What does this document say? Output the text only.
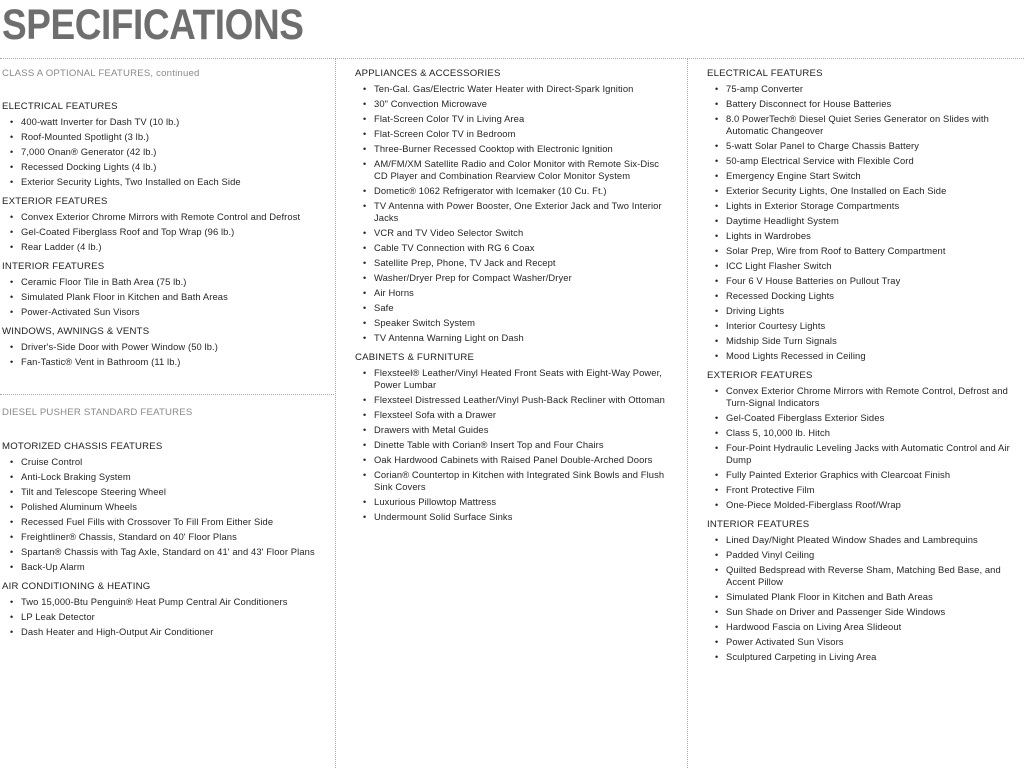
SPECIFICATIONS
CLASS A OPTIONAL FEATURES, continued
ELECTRICAL FEATURES
• 400-watt Inverter for Dash TV (10 lb.)
• Roof-Mounted Spotlight (3 lb.)
• 7,000 Onan® Generator (42 lb.)
• Recessed Docking Lights (4 lb.)
• Exterior Security Lights, Two Installed on Each Side
EXTERIOR FEATURES
• Convex Exterior Chrome Mirrors with Remote Control and Defrost
• Gel-Coated Fiberglass Roof and Top Wrap (96 lb.)
• Rear Ladder (4 lb.)
INTERIOR FEATURES
• Ceramic Floor Tile in Bath Area (75 lb.)
• Simulated Plank Floor in Kitchen and Bath Areas
• Power-Activated Sun Visors
WINDOWS, AWNINGS & VENTS
• Driver's-Side Door with Power Window (50 lb.)
• Fan-Tastic® Vent in Bathroom (11 lb.)
DIESEL PUSHER STANDARD FEATURES
MOTORIZED CHASSIS FEATURES
• Cruise Control
• Anti-Lock Braking System
• Tilt and Telescope Steering Wheel
• Polished Aluminum Wheels
• Recessed Fuel Fills with Crossover To Fill From Either Side
• Freightliner® Chassis, Standard on 40' Floor Plans
• Spartan® Chassis with Tag Axle, Standard on 41' and 43' Floor Plans
• Back-Up Alarm
AIR CONDITIONING & HEATING
• Two 15,000-Btu Penguin® Heat Pump Central Air Conditioners
• LP Leak Detector
• Dash Heater and High-Output Air Conditioner
APPLIANCES & ACCESSORIES
• Ten-Gal. Gas/Electric Water Heater with Direct-Spark Ignition
• 30" Convection Microwave
• Flat-Screen Color TV in Living Area
• Flat-Screen Color TV in Bedroom
• Three-Burner Recessed Cooktop with Electronic Ignition
• AM/FM/XM Satellite Radio and Color Monitor with Remote Six-Disc CD Player and Combination Rearview Color Monitor System
• Dometic® 1062 Refrigerator with Icemaker (10 Cu. Ft.)
• TV Antenna with Power Booster, One Exterior Jack and Two Interior Jacks
• VCR and TV Video Selector Switch
• Cable TV Connection with RG 6 Coax
• Satellite Prep, Phone, TV Jack and Recept
• Washer/Dryer Prep for Compact Washer/Dryer
• Air Horns
• Safe
• Speaker Switch System
• TV Antenna Warning Light on Dash
CABINETS & FURNITURE
• Flexsteel® Leather/Vinyl Heated Front Seats with Eight-Way Power, Power Lumbar
• Flexsteel Distressed Leather/Vinyl Push-Back Recliner with Ottoman
• Flexsteel Sofa with a Drawer
• Drawers with Metal Guides
• Dinette Table with Corian® Insert Top and Four Chairs
• Oak Hardwood Cabinets with Raised Panel Double-Arched Doors
• Corian® Countertop in Kitchen with Integrated Sink Bowls and Flush Sink Covers
• Luxurious Pillowtop Mattress
• Undermount Solid Surface Sinks
ELECTRICAL FEATURES
• 75-amp Converter
• Battery Disconnect for House Batteries
• 8.0 PowerTech® Diesel Quiet Series Generator on Slides with Automatic Changeover
• 5-watt Solar Panel to Charge Chassis Battery
• 50-amp Electrical Service with Flexible Cord
• Emergency Engine Start Switch
• Exterior Security Lights, One Installed on Each Side
• Lights in Exterior Storage Compartments
• Daytime Headlight System
• Lights in Wardrobes
• Solar Prep, Wire from Roof to Battery Compartment
• ICC Light Flasher Switch
• Four 6 V House Batteries on Pullout Tray
• Recessed Docking Lights
• Driving Lights
• Interior Courtesy Lights
• Midship Side Turn Signals
• Mood Lights Recessed in Ceiling
EXTERIOR FEATURES
• Convex Exterior Chrome Mirrors with Remote Control, Defrost and Turn-Signal Indicators
• Gel-Coated Fiberglass Exterior Sides
• Class 5, 10,000 lb. Hitch
• Four-Point Hydraulic Leveling Jacks with Automatic Control and Air Dump
• Fully Painted Exterior Graphics with Clearcoat Finish
• Front Protective Film
• One-Piece Molded-Fiberglass Roof/Wrap
INTERIOR FEATURES
• Lined Day/Night Pleated Window Shades and Lambrequins
• Padded Vinyl Ceiling
• Quilted Bedspread with Reverse Sham, Matching Bed Base, and Accent Pillow
• Simulated Plank Floor in Kitchen and Bath Areas
• Sun Shade on Driver and Passenger Side Windows
• Hardwood Fascia on Living Area Slideout
• Power Activated Sun Visors
• Sculptured Carpeting in Living Area
